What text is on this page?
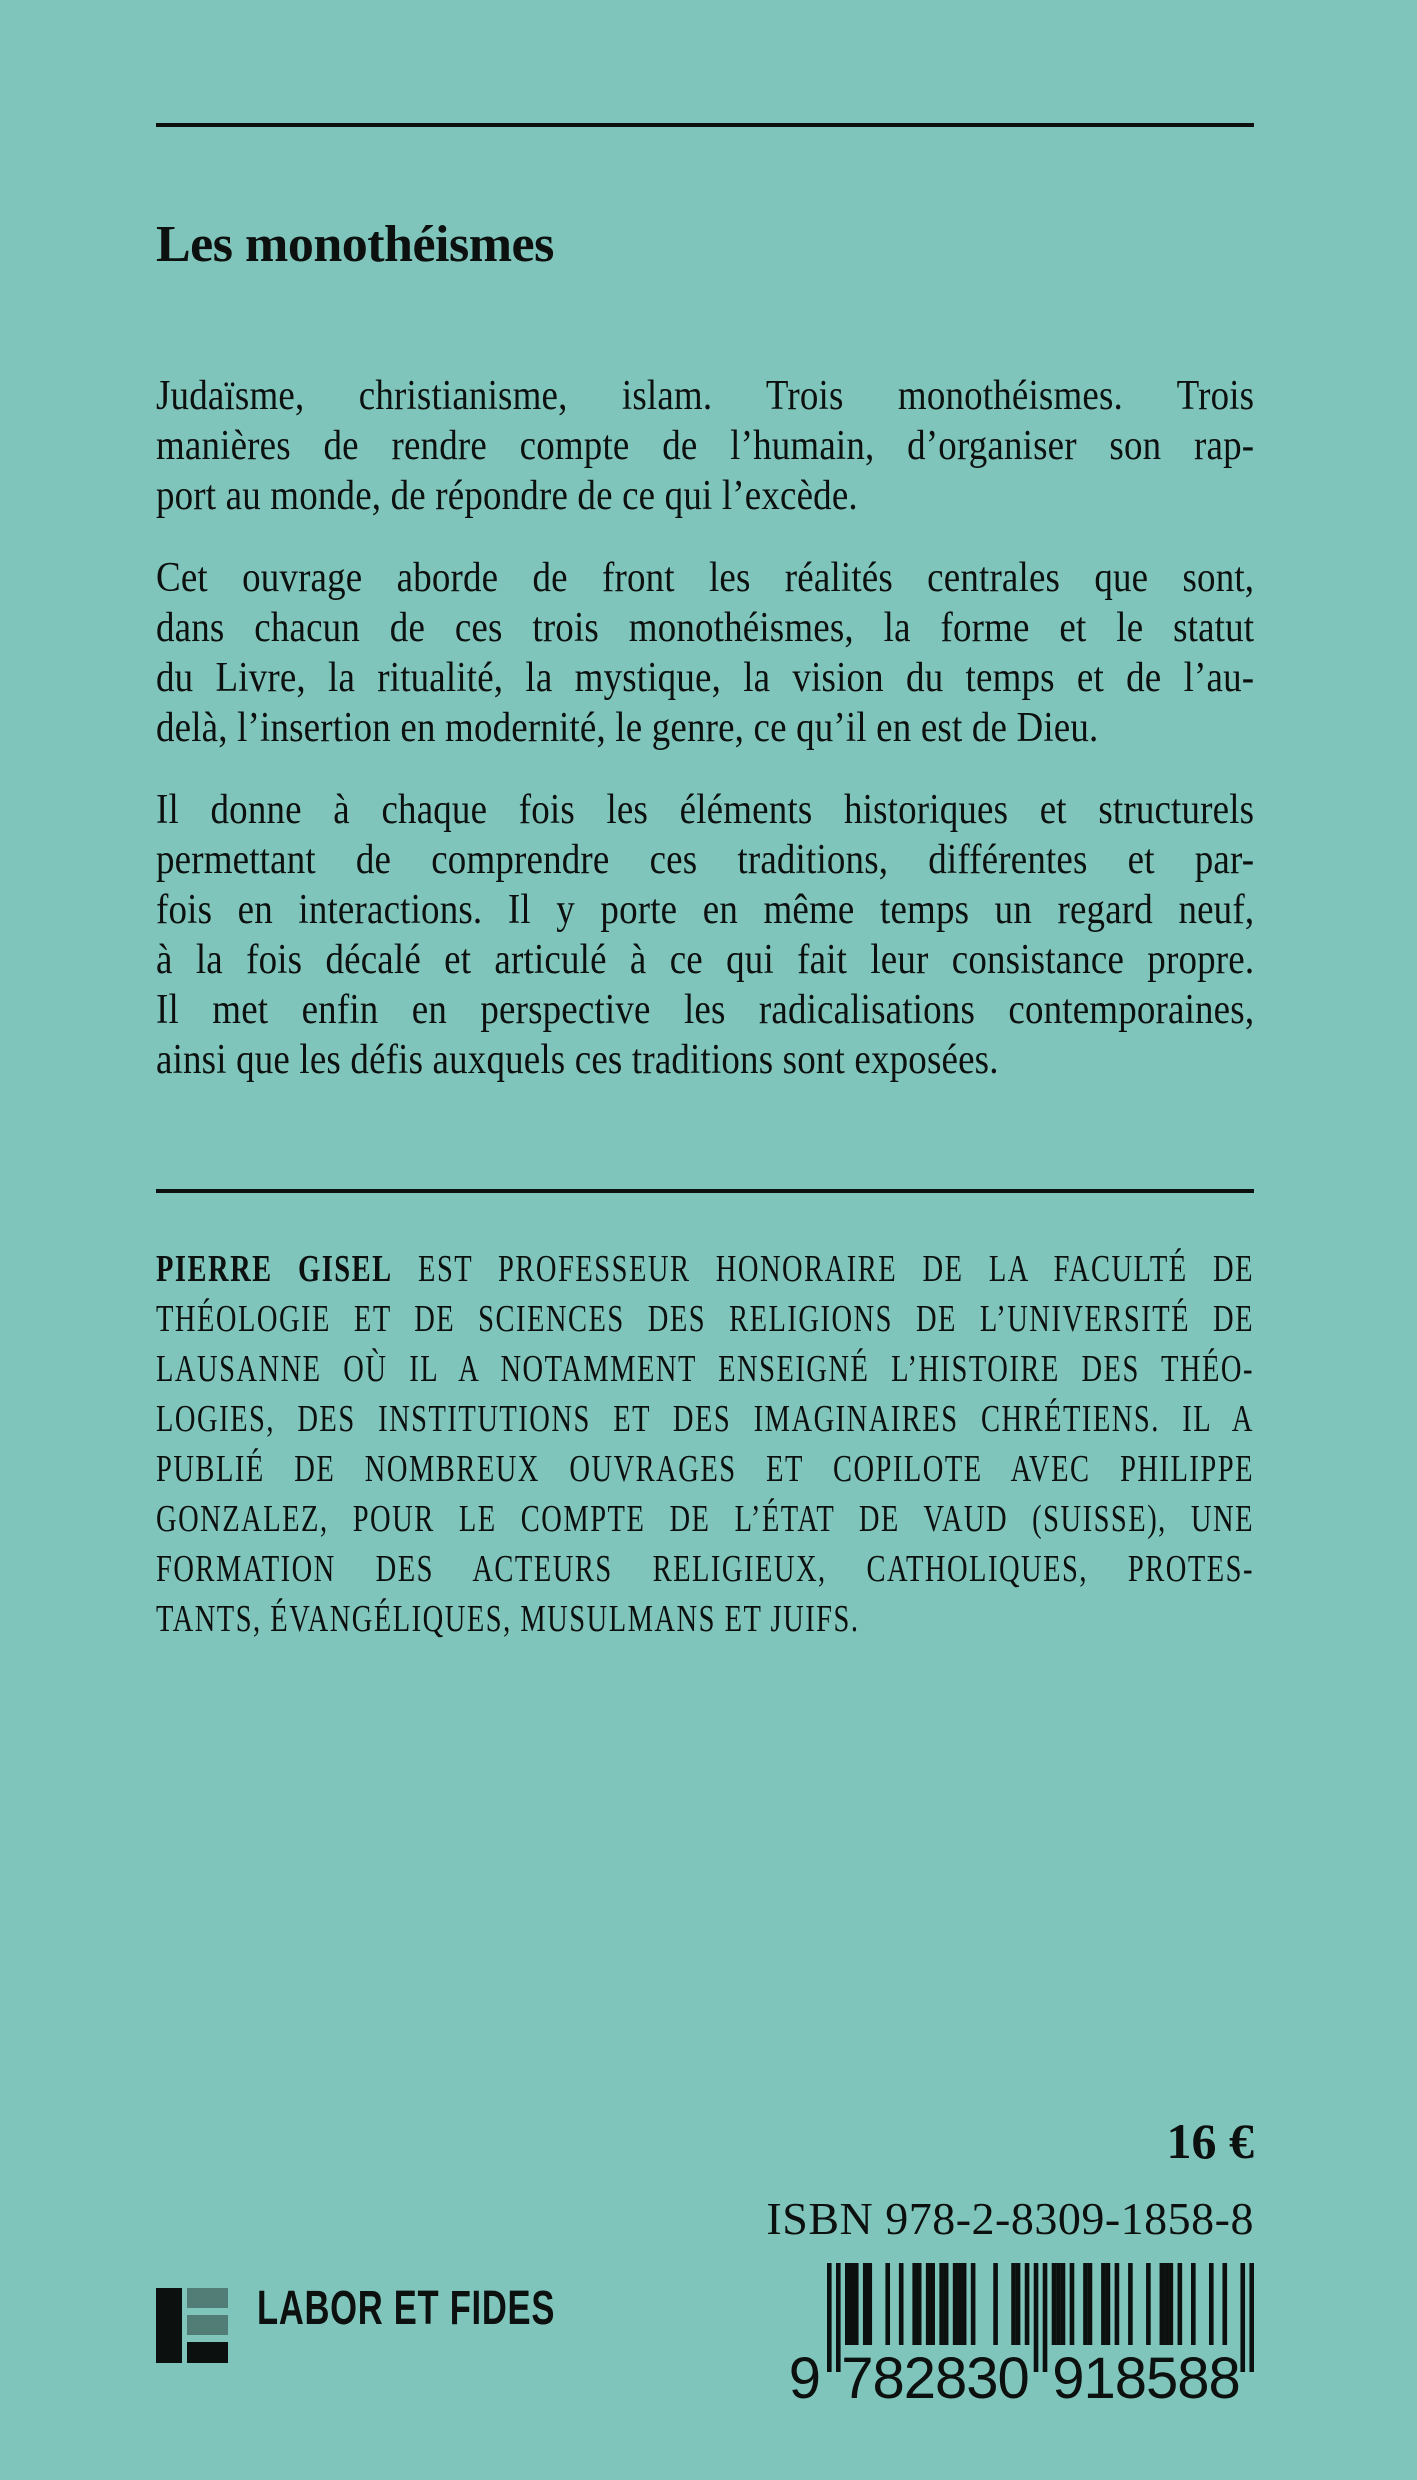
Les monothéismes
Judaïsme, christianisme, islam. Trois monothéismes. Trois
manières de rendre compte de l’humain, d’organiser son rap-
port au monde, de répondre de ce qui l’excède.
Cet ouvrage aborde de front les réalités centrales que sont,
dans chacun de ces trois monothéismes, la forme et le statut
du Livre, la ritualité, la mystique, la vision du temps et de l’au-
delà, l’insertion en modernité, le genre, ce qu’il en est de Dieu.
Il donne à chaque fois les éléments historiques et structurels
permettant de comprendre ces traditions, différentes et par-
fois en interactions. Il y porte en même temps un regard neuf,
à la fois décalé et articulé à ce qui fait leur consistance propre.
Il met enfin en perspective les radicalisations contemporaines,
ainsi que les défis auxquels ces traditions sont exposées.
PIERRE GISEL EST PROFESSEUR HONORAIRE DE LA FACULTÉ DE
THÉOLOGIE ET DE SCIENCES DES RELIGIONS DE L’UNIVERSITÉ DE
LAUSANNE OÙ IL A NOTAMMENT ENSEIGNÉ L’HISTOIRE DES THÉO-
LOGIES, DES INSTITUTIONS ET DES IMAGINAIRES CHRÉTIENS. IL A
PUBLIÉ DE NOMBREUX OUVRAGES ET COPILOTE AVEC PHILIPPE
GONZALEZ, POUR LE COMPTE DE L’ÉTAT DE VAUD (SUISSE), UNE
FORMATION DES ACTEURS RELIGIEUX, CATHOLIQUES, PROTES-
TANTS, ÉVANGÉLIQUES, MUSULMANS ET JUIFS.
16 €
ISBN 978-2-8309-1858-8
9 782830 918588
LABOR ET FIDES
